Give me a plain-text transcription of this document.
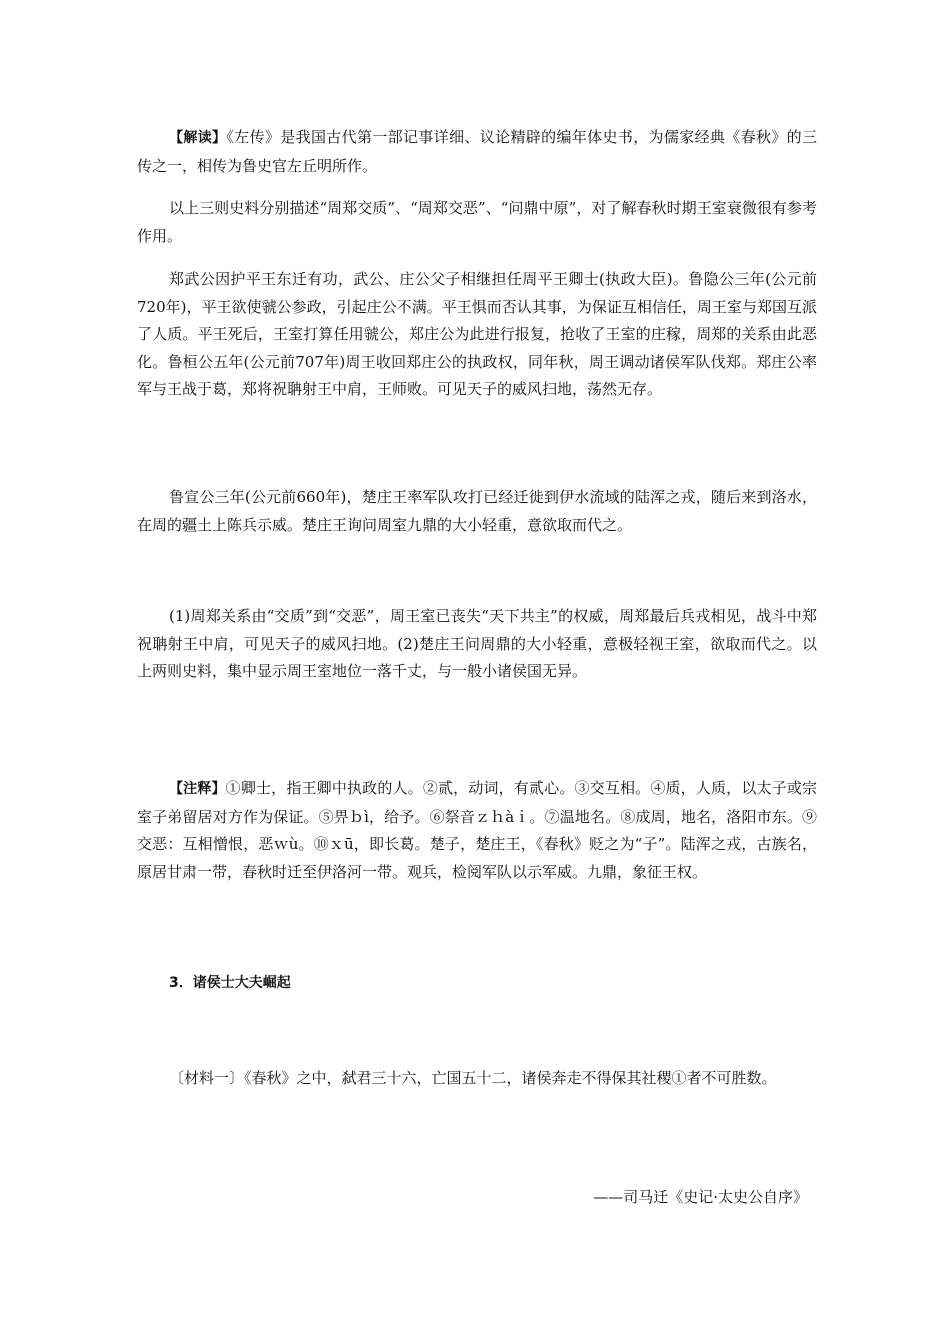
【解读】《左传》是我国古代第一部记事详细、议论精辟的编年体史书，为儒家经典《春秋》的三传之一，相传为鲁史官左丘明所作。

以上三则史料分别描述“周郑交质”、“周郑交恶”、“问鼎中原”，对了解春秋时期王室衰微很有参考作用。

郑武公因护平王东迁有功，武公、庄公父子相继担任周平王卿士(执政大臣)。鲁隐公三年(公元前720年)，平王欲使虢公参政，引起庄公不满。平王惧而否认其事，为保证互相信任，周王室与郑国互派了人质。平王死后，王室打算任用虢公，郑庄公为此进行报复，抢收了王室的庄稼，周郑的关系由此恶化。鲁桓公五年(公元前707年)周王收回郑庄公的执政权，同年秋，周王调动诸侯军队伐郑。郑庄公率军与王战于葛，郑将祝聃射王中肩，王师败。可见天子的威风扫地，荡然无存。

鲁宣公三年(公元前660年)，楚庄王率军队攻打已经迁徙到伊水流域的陆浑之戎，随后来到洛水，在周的疆土上陈兵示威。楚庄王询问周室九鼎的大小轻重，意欲取而代之。

(1)周郑关系由“交质”到“交恶”，周王室已丧失“天下共主”的权威，周郑最后兵戎相见，战斗中郑祝聃射王中肩，可见天子的威风扫地。(2)楚庄王问周鼎的大小轻重，意极轻视王室，欲取而代之。以上两则史料，集中显示周王室地位一落千丈，与一般小诸侯国无异。

【注释】①卿士，指王卿中执政的人。②贰，动词，有贰心。③交互相。④质，人质，以太子或宗室子弟留居对方作为保证。⑤畀ｂì，给予。⑥祭音ｚｈàｉ。⑦温地名。⑧成周，地名，洛阳市东。⑨交恶：互相憎恨，恶ｗù。⑩ｘū，即长葛。楚子，楚庄王，《春秋》贬之为“子”。陆浑之戎，古族名，原居甘肃一带，春秋时迁至伊洛河一带。观兵，检阅军队以示军威。九鼎，象征王权。

3．诸侯士大夫崛起

〔材料一〕《春秋》之中，弑君三十六，亡国五十二，诸侯奔走不得保其社稷①者不可胜数。

——司马迁《史记·太史公自序》
